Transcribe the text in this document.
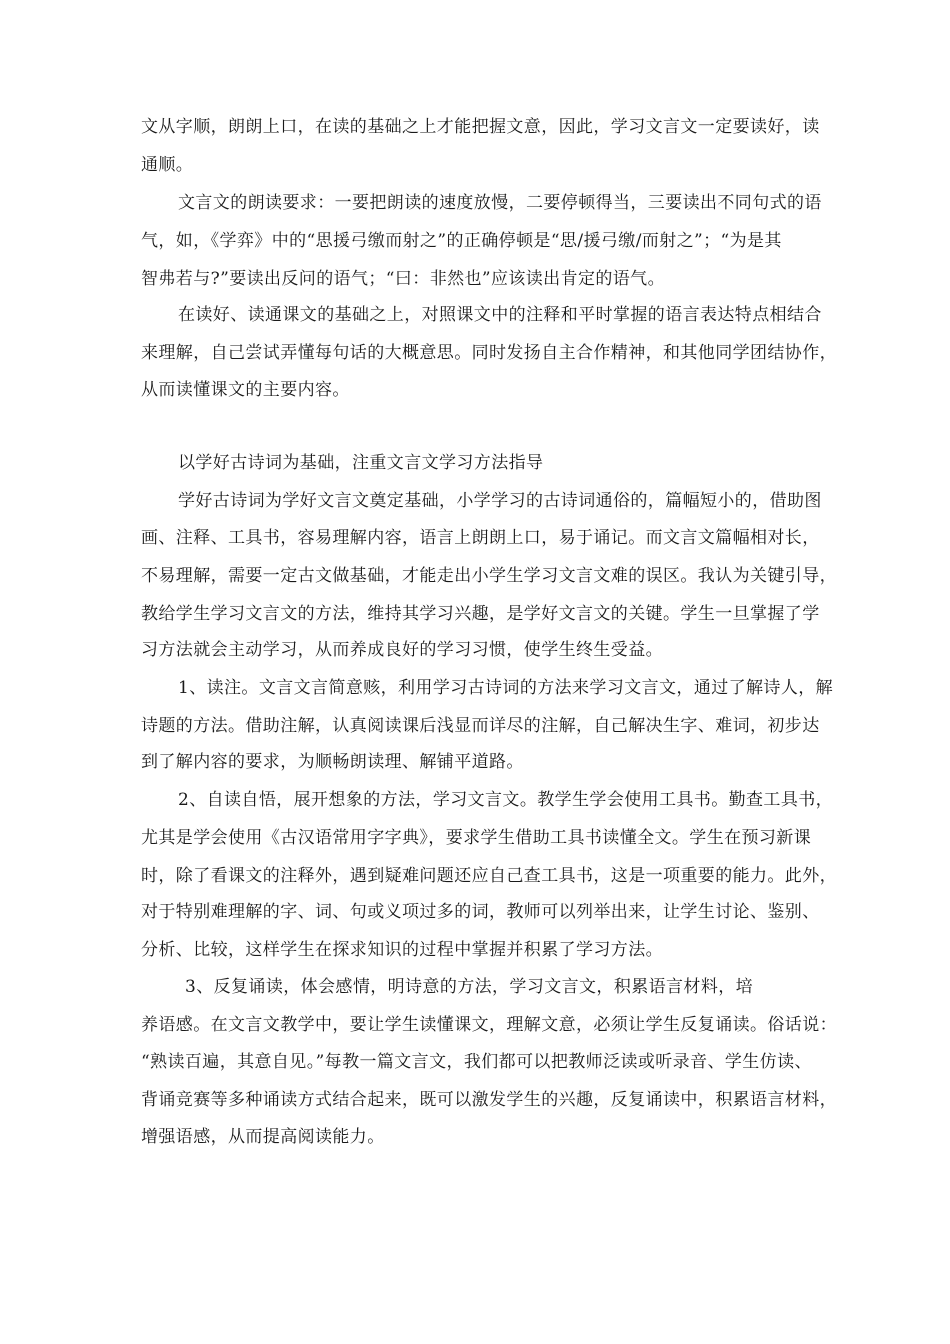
文从字顺，朗朗上口，在读的基础之上才能把握文意，因此，学习文言文一定要读好，读
通顺。
文言文的朗读要求：一要把朗读的速度放慢，二要停顿得当，三要读出不同句式的语
气，如，《学弈》中的“思援弓缴而射之”的正确停顿是“思/援弓缴/而射之”；“为是其
智弗若与?”要读出反问的语气；“曰：非然也”应该读出肯定的语气。
在读好、读通课文的基础之上，对照课文中的注释和平时掌握的语言表达特点相结合
来理解，自己尝试弄懂每句话的大概意思。同时发扬自主合作精神，和其他同学团结协作，
从而读懂课文的主要内容。
以学好古诗词为基础，注重文言文学习方法指导
学好古诗词为学好文言文奠定基础，小学学习的古诗词通俗的，篇幅短小的，借助图
画、注释、工具书，容易理解内容，语言上朗朗上口，易于诵记。而文言文篇幅相对长，
不易理解，需要一定古文做基础，才能走出小学生学习文言文难的误区。我认为关键引导，
教给学生学习文言文的方法，维持其学习兴趣，是学好文言文的关键。学生一旦掌握了学
习方法就会主动学习，从而养成良好的学习习惯，使学生终生受益。
1、读注。文言文言简意赅，利用学习古诗词的方法来学习文言文，通过了解诗人，解
诗题的方法。借助注解，认真阅读课后浅显而详尽的注解，自己解决生字、难词，初步达
到了解内容的要求，为顺畅朗读理、解铺平道路。
2、自读自悟，展开想象的方法，学习文言文。教学生学会使用工具书。勤查工具书，
尤其是学会使用《古汉语常用字字典》，要求学生借助工具书读懂全文。学生在预习新课
时，除了看课文的注释外，遇到疑难问题还应自己查工具书，这是一项重要的能力。此外，
对于特别难理解的字、词、句或义项过多的词，教师可以列举出来，让学生讨论、鉴别、
分析、比较，这样学生在探求知识的过程中掌握并积累了学习方法。
3、反复诵读，体会感情，明诗意的方法，学习文言文，积累语言材料，培
养语感。在文言文教学中，要让学生读懂课文，理解文意，必须让学生反复诵读。俗话说：
“熟读百遍，其意自见。”每教一篇文言文，我们都可以把教师泛读或听录音、学生仿读、
背诵竞赛等多种诵读方式结合起来，既可以激发学生的兴趣，反复诵读中，积累语言材料，
增强语感，从而提高阅读能力。
